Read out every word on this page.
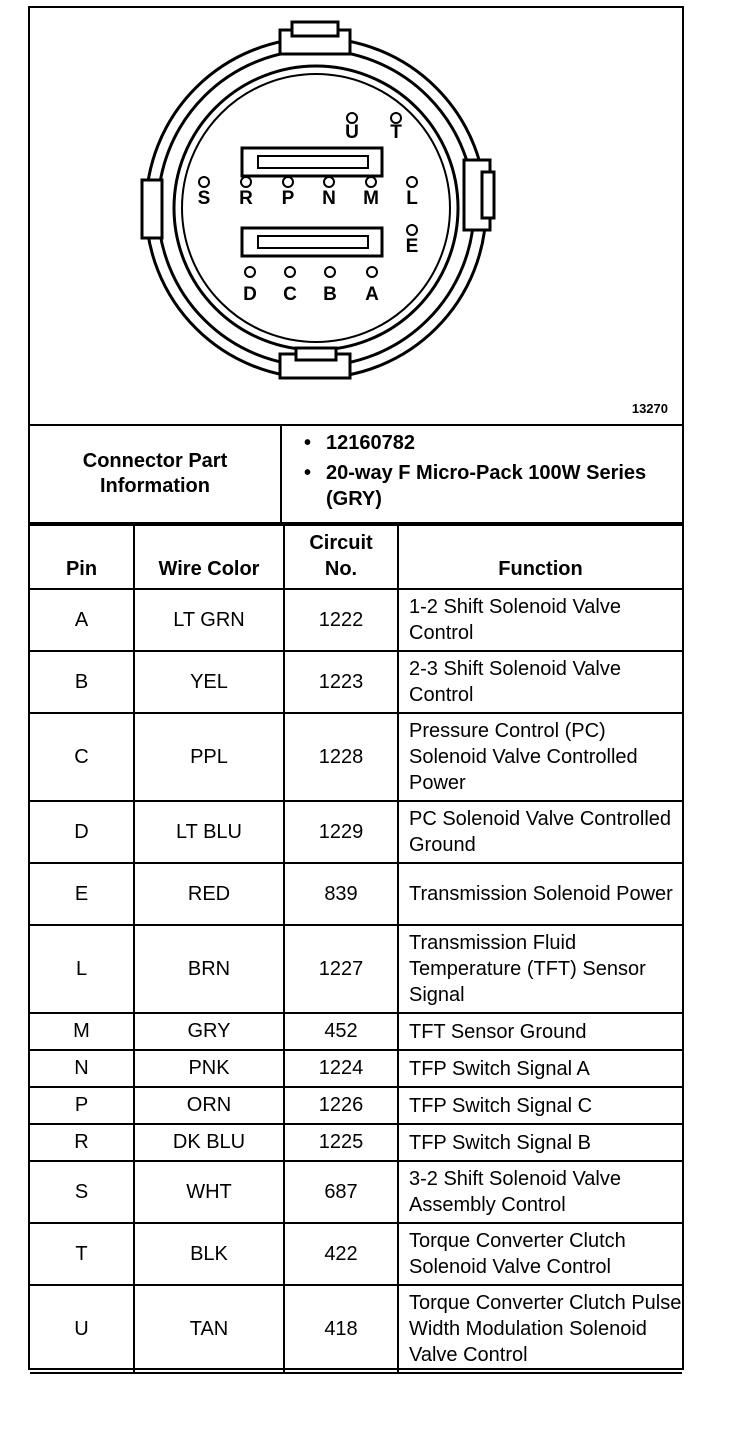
U T
S R P N M L
E
D C B A
13270
Connector Part Information
• 12160782
• 20-way F Micro-Pack 100W Series (GRY)
Pin	Wire Color	Circuit No.	Function
A	LT GRN	1222	1-2 Shift Solenoid Valve Control
B	YEL	1223	2-3 Shift Solenoid Valve Control
C	PPL	1228	Pressure Control (PC) Solenoid Valve Controlled Power
D	LT BLU	1229	PC Solenoid Valve Controlled Ground
E	RED	839	Transmission Solenoid Power
L	BRN	1227	Transmission Fluid Temperature (TFT) Sensor Signal
M	GRY	452	TFT Sensor Ground
N	PNK	1224	TFP Switch Signal A
P	ORN	1226	TFP Switch Signal C
R	DK BLU	1225	TFP Switch Signal B
S	WHT	687	3-2 Shift Solenoid Valve Assembly Control
T	BLK	422	Torque Converter Clutch Solenoid Valve Control
U	TAN	418	Torque Converter Clutch Pulse Width Modulation Solenoid Valve Control
